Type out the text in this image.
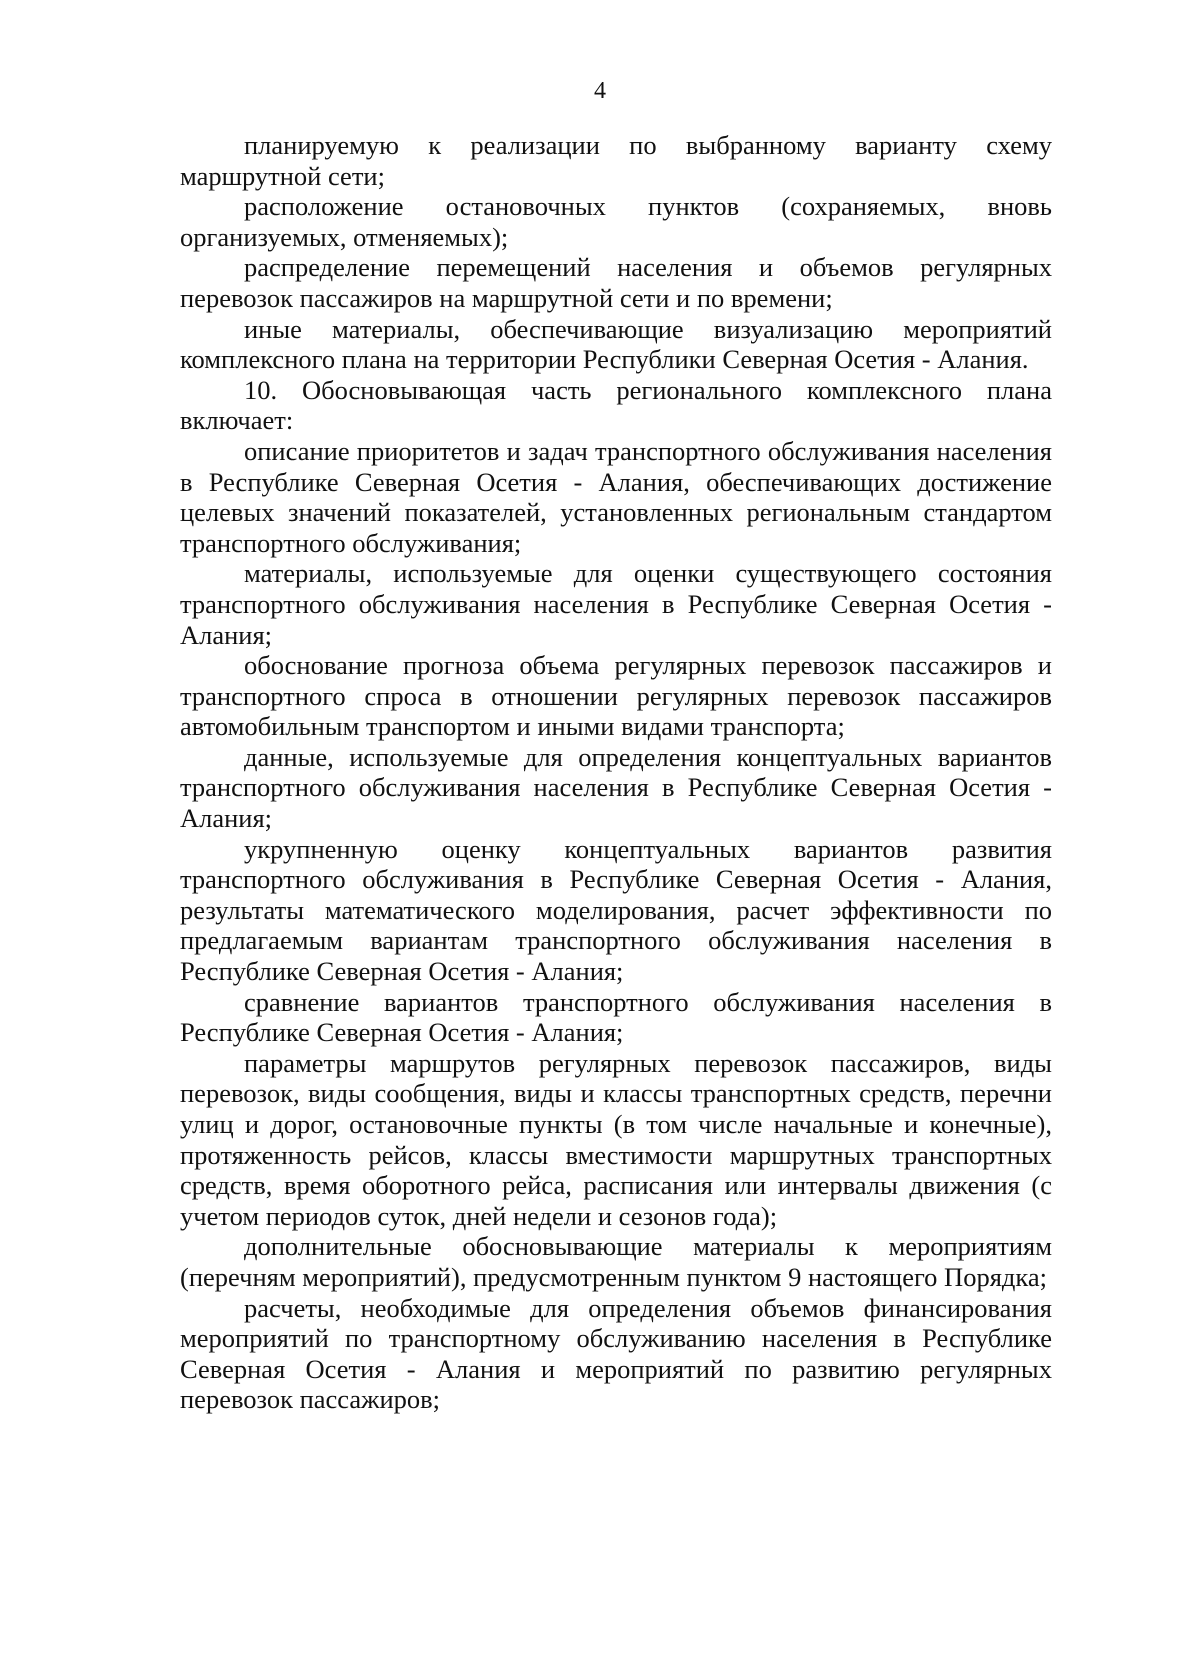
4

планируемую к реализации по выбранному варианту схему маршрутной сети;

расположение остановочных пунктов (сохраняемых, вновь организуемых, отменяемых);

распределение перемещений населения и объемов регулярных перевозок пассажиров на маршрутной сети и по времени;

иные материалы, обеспечивающие визуализацию мероприятий комплексного плана на территории Республики Северная Осетия - Алания.

10. Обосновывающая часть регионального комплексного плана включает:

описание приоритетов и задач транспортного обслуживания населения в Республике Северная Осетия - Алания, обеспечивающих достижение целевых значений показателей, установленных региональным стандартом транспортного обслуживания;

материалы, используемые для оценки существующего состояния транспортного обслуживания населения в Республике Северная Осетия - Алания;

обоснование прогноза объема регулярных перевозок пассажиров и транспортного спроса в отношении регулярных перевозок пассажиров автомобильным транспортом и иными видами транспорта;

данные, используемые для определения концептуальных вариантов транспортного обслуживания населения в Республике Северная Осетия - Алания;

укрупненную оценку концептуальных вариантов развития транспортного обслуживания в Республике Северная Осетия - Алания, результаты математического моделирования, расчет эффективности по предлагаемым вариантам транспортного обслуживания населения в Республике Северная Осетия - Алания;

сравнение вариантов транспортного обслуживания населения в Республике Северная Осетия - Алания;

параметры маршрутов регулярных перевозок пассажиров, виды перевозок, виды сообщения, виды и классы транспортных средств, перечни улиц и дорог, остановочные пункты (в том числе начальные и конечные), протяженность рейсов, классы вместимости маршрутных транспортных средств, время оборотного рейса, расписания или интервалы движения (с учетом периодов суток, дней недели и сезонов года);

дополнительные обосновывающие материалы к мероприятиям (перечням мероприятий), предусмотренным пунктом 9 настоящего Порядка;

расчеты, необходимые для определения объемов финансирования мероприятий по транспортному обслуживанию населения в Республике Северная Осетия - Алания и мероприятий по развитию регулярных перевозок пассажиров;
